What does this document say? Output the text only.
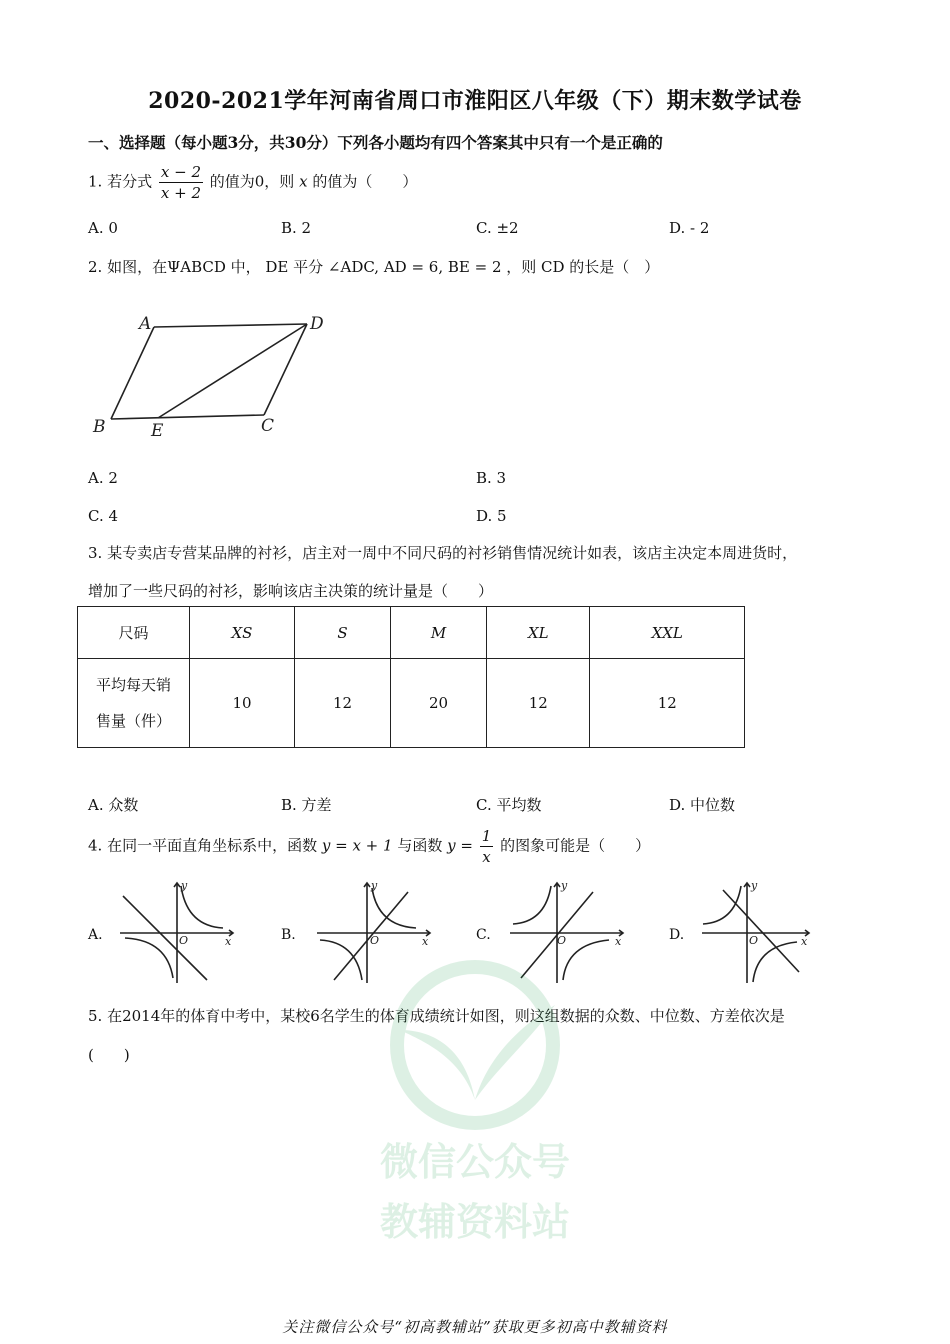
2020-2021学年河南省周口市淮阳区八年级（下）期末数学试卷
一、选择题（每小题3分，共30分）下列各小题均有四个答案其中只有一个是正确的
1. 若分式 $\frac{x - 2}{x + 2}$ 的值为0，则 x 的值为（　　）
A. 0	B. 2	C. ±2	D. - 2
2. 如图，在ΨABCD 中， DE 平分 ∠ADC, AD = 6, BE = 2 ，则 CD 的长是（　）
A	D
B	E	C
A. 2	B. 3
C. 4	D. 5
3. 某专卖店专营某品牌的衬衫，店主对一周中不同尺码的衬衫销售情况统计如表，该店主决定本周进货时，
增加了一些尺码的衬衫，影响该店主决策的统计量是（　　）
尺码	XS	S	M	XL	XXL
平均每天销
售量（件）	10	12	20	12	12
A. 众数	B. 方差	C. 平均数	D. 中位数
4. 在同一平面直角坐标系中，函数 y = x + 1 与函数 $y = \frac{1}{x}$ 的图象可能是（　　）
A.	B.	C.	D.
O	x
y
O	x
y
O	x
y
O	x
y
5. 在2014年的体育中考中，某校6名学生的体育成绩统计如图，则这组数据的众数、中位数、方差依次是
(　　)
微信公众号
教辅资料站
关注微信公众号“初高教辅站”获取更多初高中教辅资料
